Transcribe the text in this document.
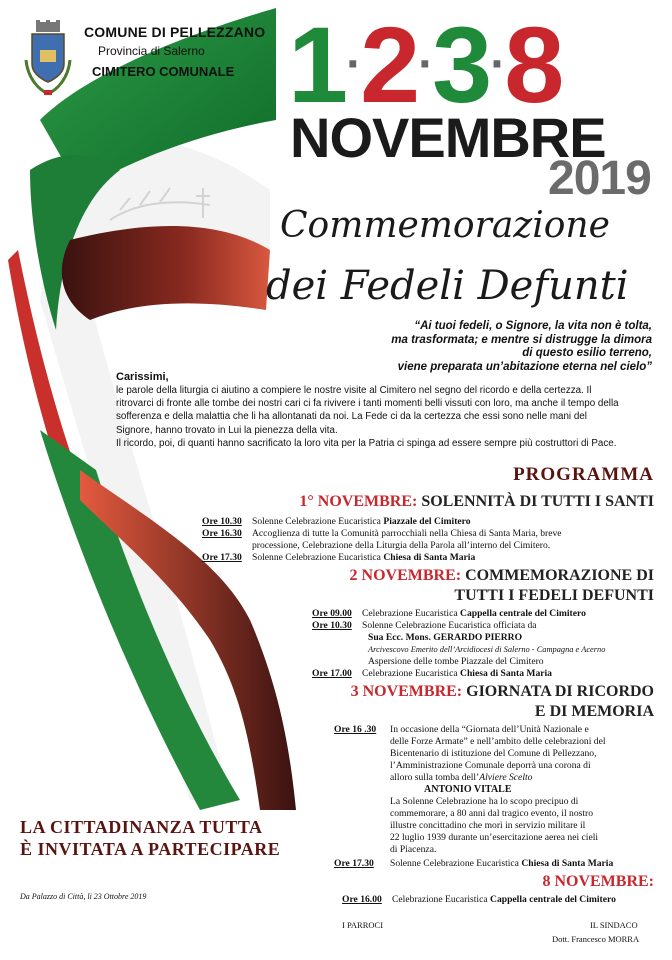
COMUNE DI PELLEZZANO
Provincia di Salerno
CIMITERO COMUNALE 1·2·3·8
NOVEMBRE
2019
Commemorazione
dei Fedeli Defunti
“Ai tuoi fedeli, o Signore, la vita non è tolta,
ma trasformata; e mentre si distrugge la dimora
di questo esilio terreno,
viene preparata un’abitazione eterna nel cielo”
Carissimi,
le parole della liturgia ci aiutino a compiere le nostre visite al Cimitero nel segno del ricordo e della certezza. Il
ritrovarci di fronte alle tombe dei nostri cari ci fa rivivere i tanti momenti belli vissuti con loro, ma anche il tempo della
sofferenza e della malattia che li ha allontanati da noi. La Fede ci da la certezza che essi sono nelle mani del
Signore, hanno trovato in Lui la pienezza della vita.
Il ricordo, poi, di quanti hanno sacrificato la loro vita per la Patria ci spinga ad essere sempre più costruttori di Pace.
PROGRAMMA
1° NOVEMBRE: SOLENNITÀ DI TUTTI I SANTI
Ore 10.30 Solenne Celebrazione Eucaristica Piazzale del Cimitero
Ore 16.30 Accoglienza di tutte la Comunità parrocchiali nella Chiesa di Santa Maria, breve
processione, Celebrazione della Liturgia della Parola all’interno del Cimitero.
Ore 17.30 Solenne Celebrazione Eucaristica Chiesa di Santa Maria
2 NOVEMBRE: COMMEMORAZIONE DI
TUTTI I FEDELI DEFUNTI
Ore 09.00 Celebrazione Eucaristica Cappella centrale del Cimitero
Ore 10.30 Solenne Celebrazione Eucaristica officiata da
Sua Ecc. Mons. GERARDO PIERRO
Arcivescovo Emerito dell’Arcidiocesi di Salerno - Campagna e Acerno
Aspersione delle tombe Piazzale del Cimitero
Ore 17.00 Celebrazione Eucaristica Chiesa di Santa Maria
3 NOVEMBRE: GIORNATA DI RICORDO
E DI MEMORIA
Ore 16 .30 In occasione della “Giornata dell’Unità Nazionale e
delle Forze Armate” e nell’ambito delle celebrazioni del
Bicentenario di istituzione del Comune di Pellezzano,
l’Amministrazione Comunale deporrà una corona di
alloro sulla tomba dell’Alviere Scelto
ANTONIO VITALE
La Solenne Celebrazione ha lo scopo precipuo di
commemorare, a 80 anni dal tragico evento, il nostro
illustre concittadino che morì in servizio militare il
22 luglio 1939 durante un’esercitazione aerea nei cieli
di Piacenza.
Ore 17.30 Solenne Celebrazione Eucaristica Chiesa di Santa Maria
8 NOVEMBRE:
Ore 16.00 Celebrazione Eucaristica Cappella centrale del Cimitero
LA CITTADINANZA TUTTA
È INVITATA A PARTECIPARE
Da Palazzo di Città, li 23 Ottobre 2019
I PARROCI	IL SINDACO
Dott. Francesco MORRA
